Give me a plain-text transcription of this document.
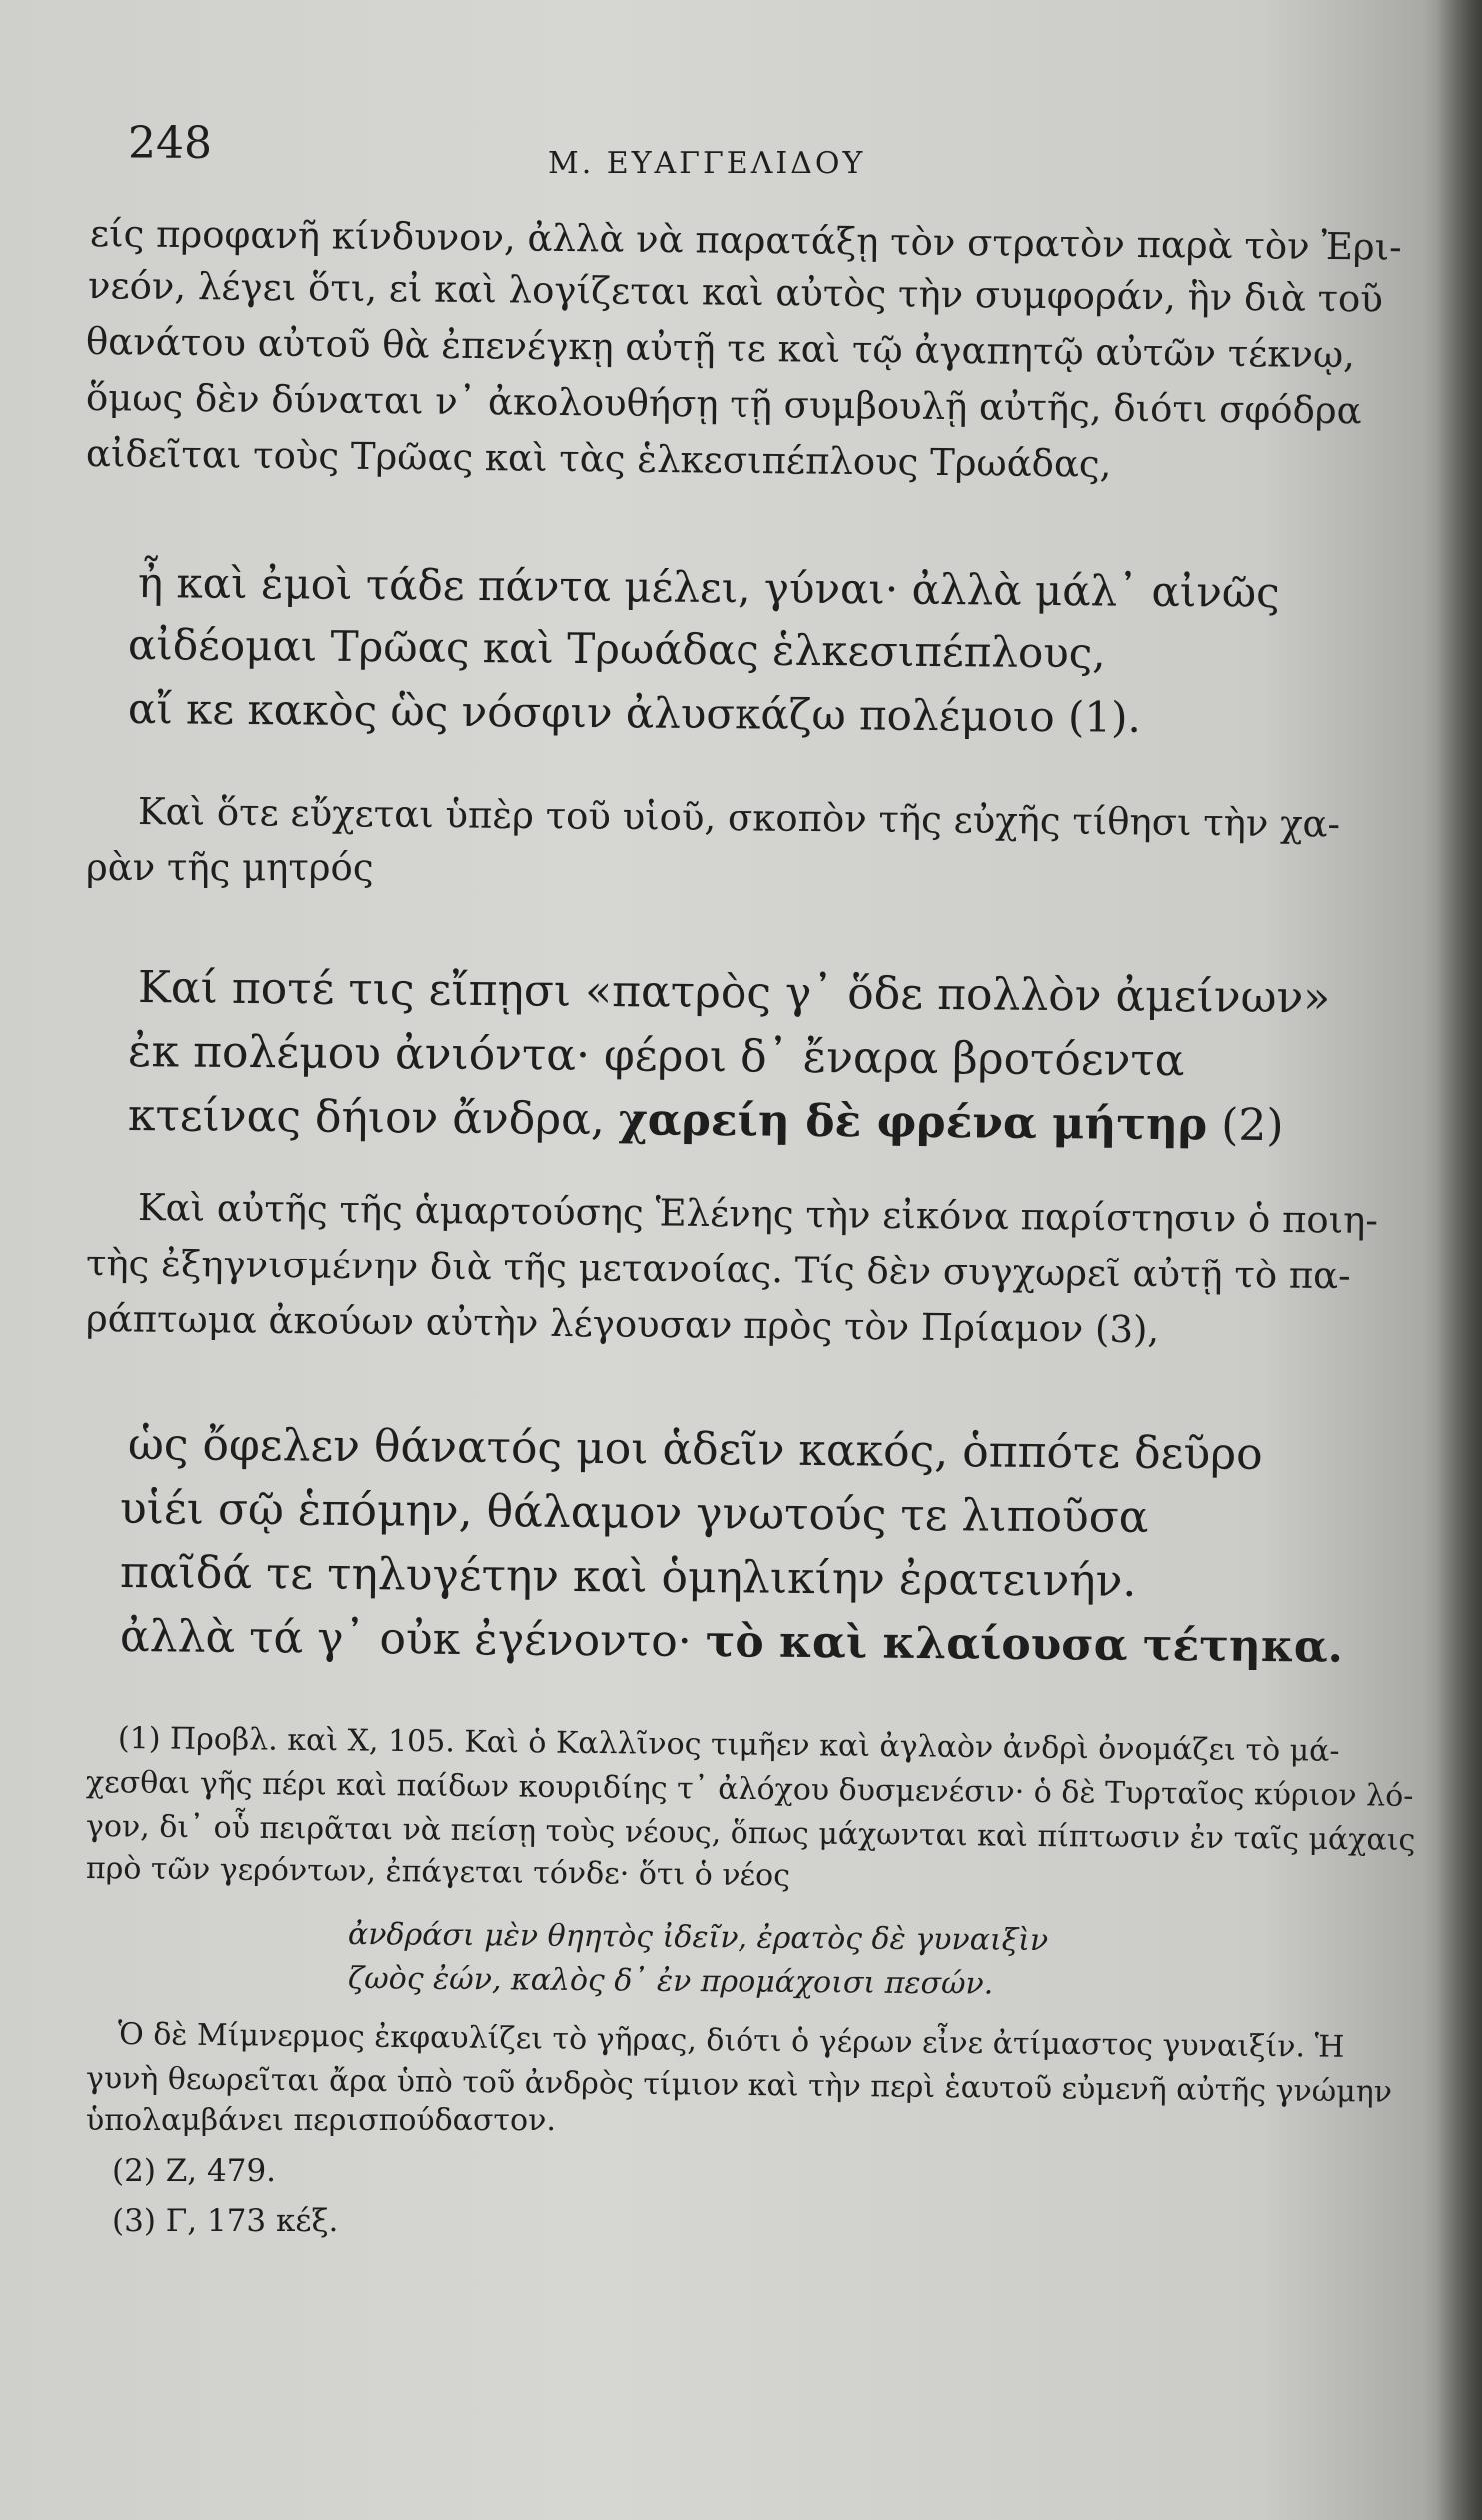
248	Μ. ΕΥΑΓΓΕΛΙΔΟΥ
είς προφανῆ κίνδυνον, ἀλλὰ νὰ παρατάξῃ τὸν στρατὸν παρὰ τὸν Ἐρι-
νεόν, λέγει ὅτι, εἰ καὶ λογίζεται καὶ αὐτὸς τὴν συμφοράν, ἣν διὰ τοῦ
θανάτου αὐτοῦ θὰ ἐπενέγκῃ αὐτῇ τε καὶ τῷ ἀγαπητῷ αὐτῶν τέκνῳ,
ὅμως δὲν δύναται ν᾽ ἀκολουθήσῃ τῇ συμβουλῇ αὐτῆς, διότι σφόδρα
αἰδεῖται τοὺς Τρῶας καὶ τὰς ἑλκεσιπέπλους Τρωάδας,
ἦ καὶ ἐμοὶ τάδε πάντα μέλει, γύναι· ἀλλὰ μάλ᾽ αἰνῶς
αἰδέομαι Τρῶας καὶ Τρωάδας ἑλκεσιπέπλους,
αἴ κε κακὸς ὣς νόσφιν ἀλυσκάζω πολέμοιο (1).
Καὶ ὅτε εὔχεται ὑπὲρ τοῦ υἱοῦ, σκοπὸν τῆς εὐχῆς τίθησι τὴν χα-
ρὰν τῆς μητρός
Καί ποτέ τις εἴπῃσι «πατρὸς γ᾽ ὅδε πολλὸν ἀμείνων»
ἐκ πολέμου ἀνιόντα· φέροι δ᾽ ἔναρα βροτόεντα
κτείνας δήιον ἄνδρα, χαρείη δὲ φρένα μήτηρ (2)
Καὶ αὐτῆς τῆς ἁμαρτούσης Ἑλένης τὴν εἰκόνα παρίστησιν ὁ ποιη-
τὴς ἐξηγνισμένην διὰ τῆς μετανοίας. Τίς δὲν συγχωρεῖ αὐτῇ τὸ πα-
ράπτωμα ἀκούων αὐτὴν λέγουσαν πρὸς τὸν Πρίαμον (3),
ὡς ὄφελεν θάνατός μοι ἁδεῖν κακός, ὁππότε δεῦρο
υἱέι σῷ ἑπόμην, θάλαμον γνωτούς τε λιποῦσα
παῖδά τε τηλυγέτην καὶ ὁμηλικίην ἐρατεινήν.
ἀλλὰ τά γ᾽ οὐκ ἐγένοντο· τὸ καὶ κλαίουσα τέτηκα.
(1) Προβλ. καὶ Χ, 105. Καὶ ὁ Καλλῖνος τιμῆεν καὶ ἀγλαὸν ἀνδρὶ ὀνομάζει τὸ μά-
χεσθαι γῆς πέρι καὶ παίδων κουριδίης τ᾽ ἀλόχου δυσμενέσιν· ὁ δὲ Τυρταῖος κύριον λό-
γον, δι᾽ οὗ πειρᾶται νὰ πείσῃ τοὺς νέους, ὅπως μάχωνται καὶ πίπτωσιν ἐν ταῖς μάχαις
πρὸ τῶν γερόντων, ἐπάγεται τόνδε· ὅτι ὁ νέος
ἀνδράσι μὲν θηητὸς ἰδεῖν, ἐρατὸς δὲ γυναιξὶν
ζωὸς ἐών, καλὸς δ᾽ ἐν προμάχοισι πεσών.
Ὁ δὲ Μίμνερμος ἐκφαυλίζει τὸ γῆρας, διότι ὁ γέρων εἶνε ἀτίμαστος γυναιξίν. Ἡ
γυνὴ θεωρεῖται ἄρα ὑπὸ τοῦ ἀνδρὸς τίμιον καὶ τὴν περὶ ἑαυτοῦ εὐμενῆ αὐτῆς γνώμην
ὑπολαμβάνει περισπούδαστον.
(2) Ζ, 479.
(3) Γ, 173 κέξ.
